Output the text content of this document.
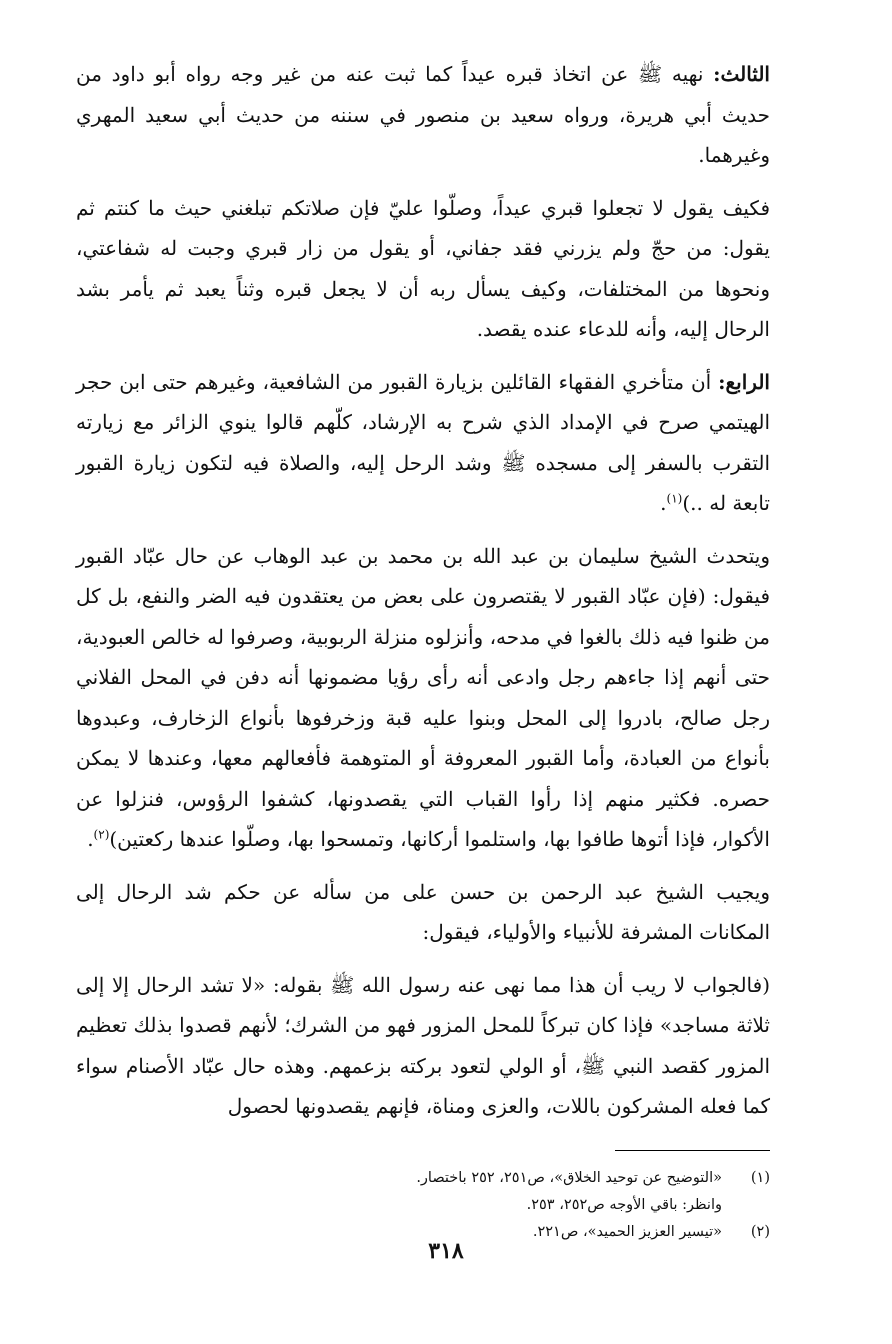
الثالث: نهيه ﷺ عن اتخاذ قبره عيداً كما ثبت عنه من غير وجه رواه أبو داود من حديث أبي هريرة، ورواه سعيد بن منصور في سننه من حديث أبي سعيد المهري وغيرهما.

فكيف يقول لا تجعلوا قبري عيداً، وصلّوا عليّ فإن صلاتكم تبلغني حيث ما كنتم ثم يقول: من حجّ ولم يزرني فقد جفاني، أو يقول من زار قبري وجبت له شفاعتي، ونحوها من المختلفات، وكيف يسأل ربه أن لا يجعل قبره وثناً يعبد ثم يأمر بشد الرحال إليه، وأنه للدعاء عنده يقصد.

الرابع: أن متأخري الفقهاء القائلين بزيارة القبور من الشافعية، وغيرهم حتى ابن حجر الهيتمي صرح في الإمداد الذي شرح به الإرشاد، كلّهم قالوا ينوي الزائر مع زيارته التقرب بالسفر إلى مسجده ﷺ وشد الرحل إليه، والصلاة فيه لتكون زيارة القبور تابعة له ..)$^{(١)}$.

ويتحدث الشيخ سليمان بن عبد الله بن محمد بن عبد الوهاب عن حال عبّاد القبور فيقول: (فإن عبّاد القبور لا يقتصرون على بعض من يعتقدون فيه الضر والنفع، بل كل من ظنوا فيه ذلك بالغوا في مدحه، وأنزلوه منزلة الربوبية، وصرفوا له خالص العبودية، حتى أنهم إذا جاءهم رجل وادعى أنه رأى رؤيا مضمونها أنه دفن في المحل الفلاني رجل صالح، بادروا إلى المحل وبنوا عليه قبة وزخرفوها بأنواع الزخارف، وعبدوها بأنواع من العبادة، وأما القبور المعروفة أو المتوهمة فأفعالهم معها، وعندها لا يمكن حصره. فكثير منهم إذا رأوا القباب التي يقصدونها، كشفوا الرؤوس، فنزلوا عن الأكوار، فإذا أتوها طافوا بها، واستلموا أركانها، وتمسحوا بها، وصلّوا عندها ركعتين)$^{(٢)}$.

ويجيب الشيخ عبد الرحمن بن حسن على من سأله عن حكم شد الرحال إلى المكانات المشرفة للأنبياء والأولياء، فيقول:

(فالجواب لا ريب أن هذا مما نهى عنه رسول الله ﷺ بقوله: «لا تشد الرحال إلا إلى ثلاثة مساجد» فإذا كان تبركاً للمحل المزور فهو من الشرك؛ لأنهم قصدوا بذلك تعظيم المزور كقصد النبي ﷺ، أو الولي لتعود بركته بزعمهم. وهذه حال عبّاد الأصنام سواء كما فعله المشركون باللات، والعزى ومناة، فإنهم يقصدونها لحصول

(١)
«التوضيح عن توحيد الخلاق»، ص٢٥١، ٢٥٢ باختصار.
وانظر: باقي الأوجه ص٢٥٢، ٢٥٣.
(٢)
«تيسير العزيز الحميد»، ص٢٢١.
٣١٨
